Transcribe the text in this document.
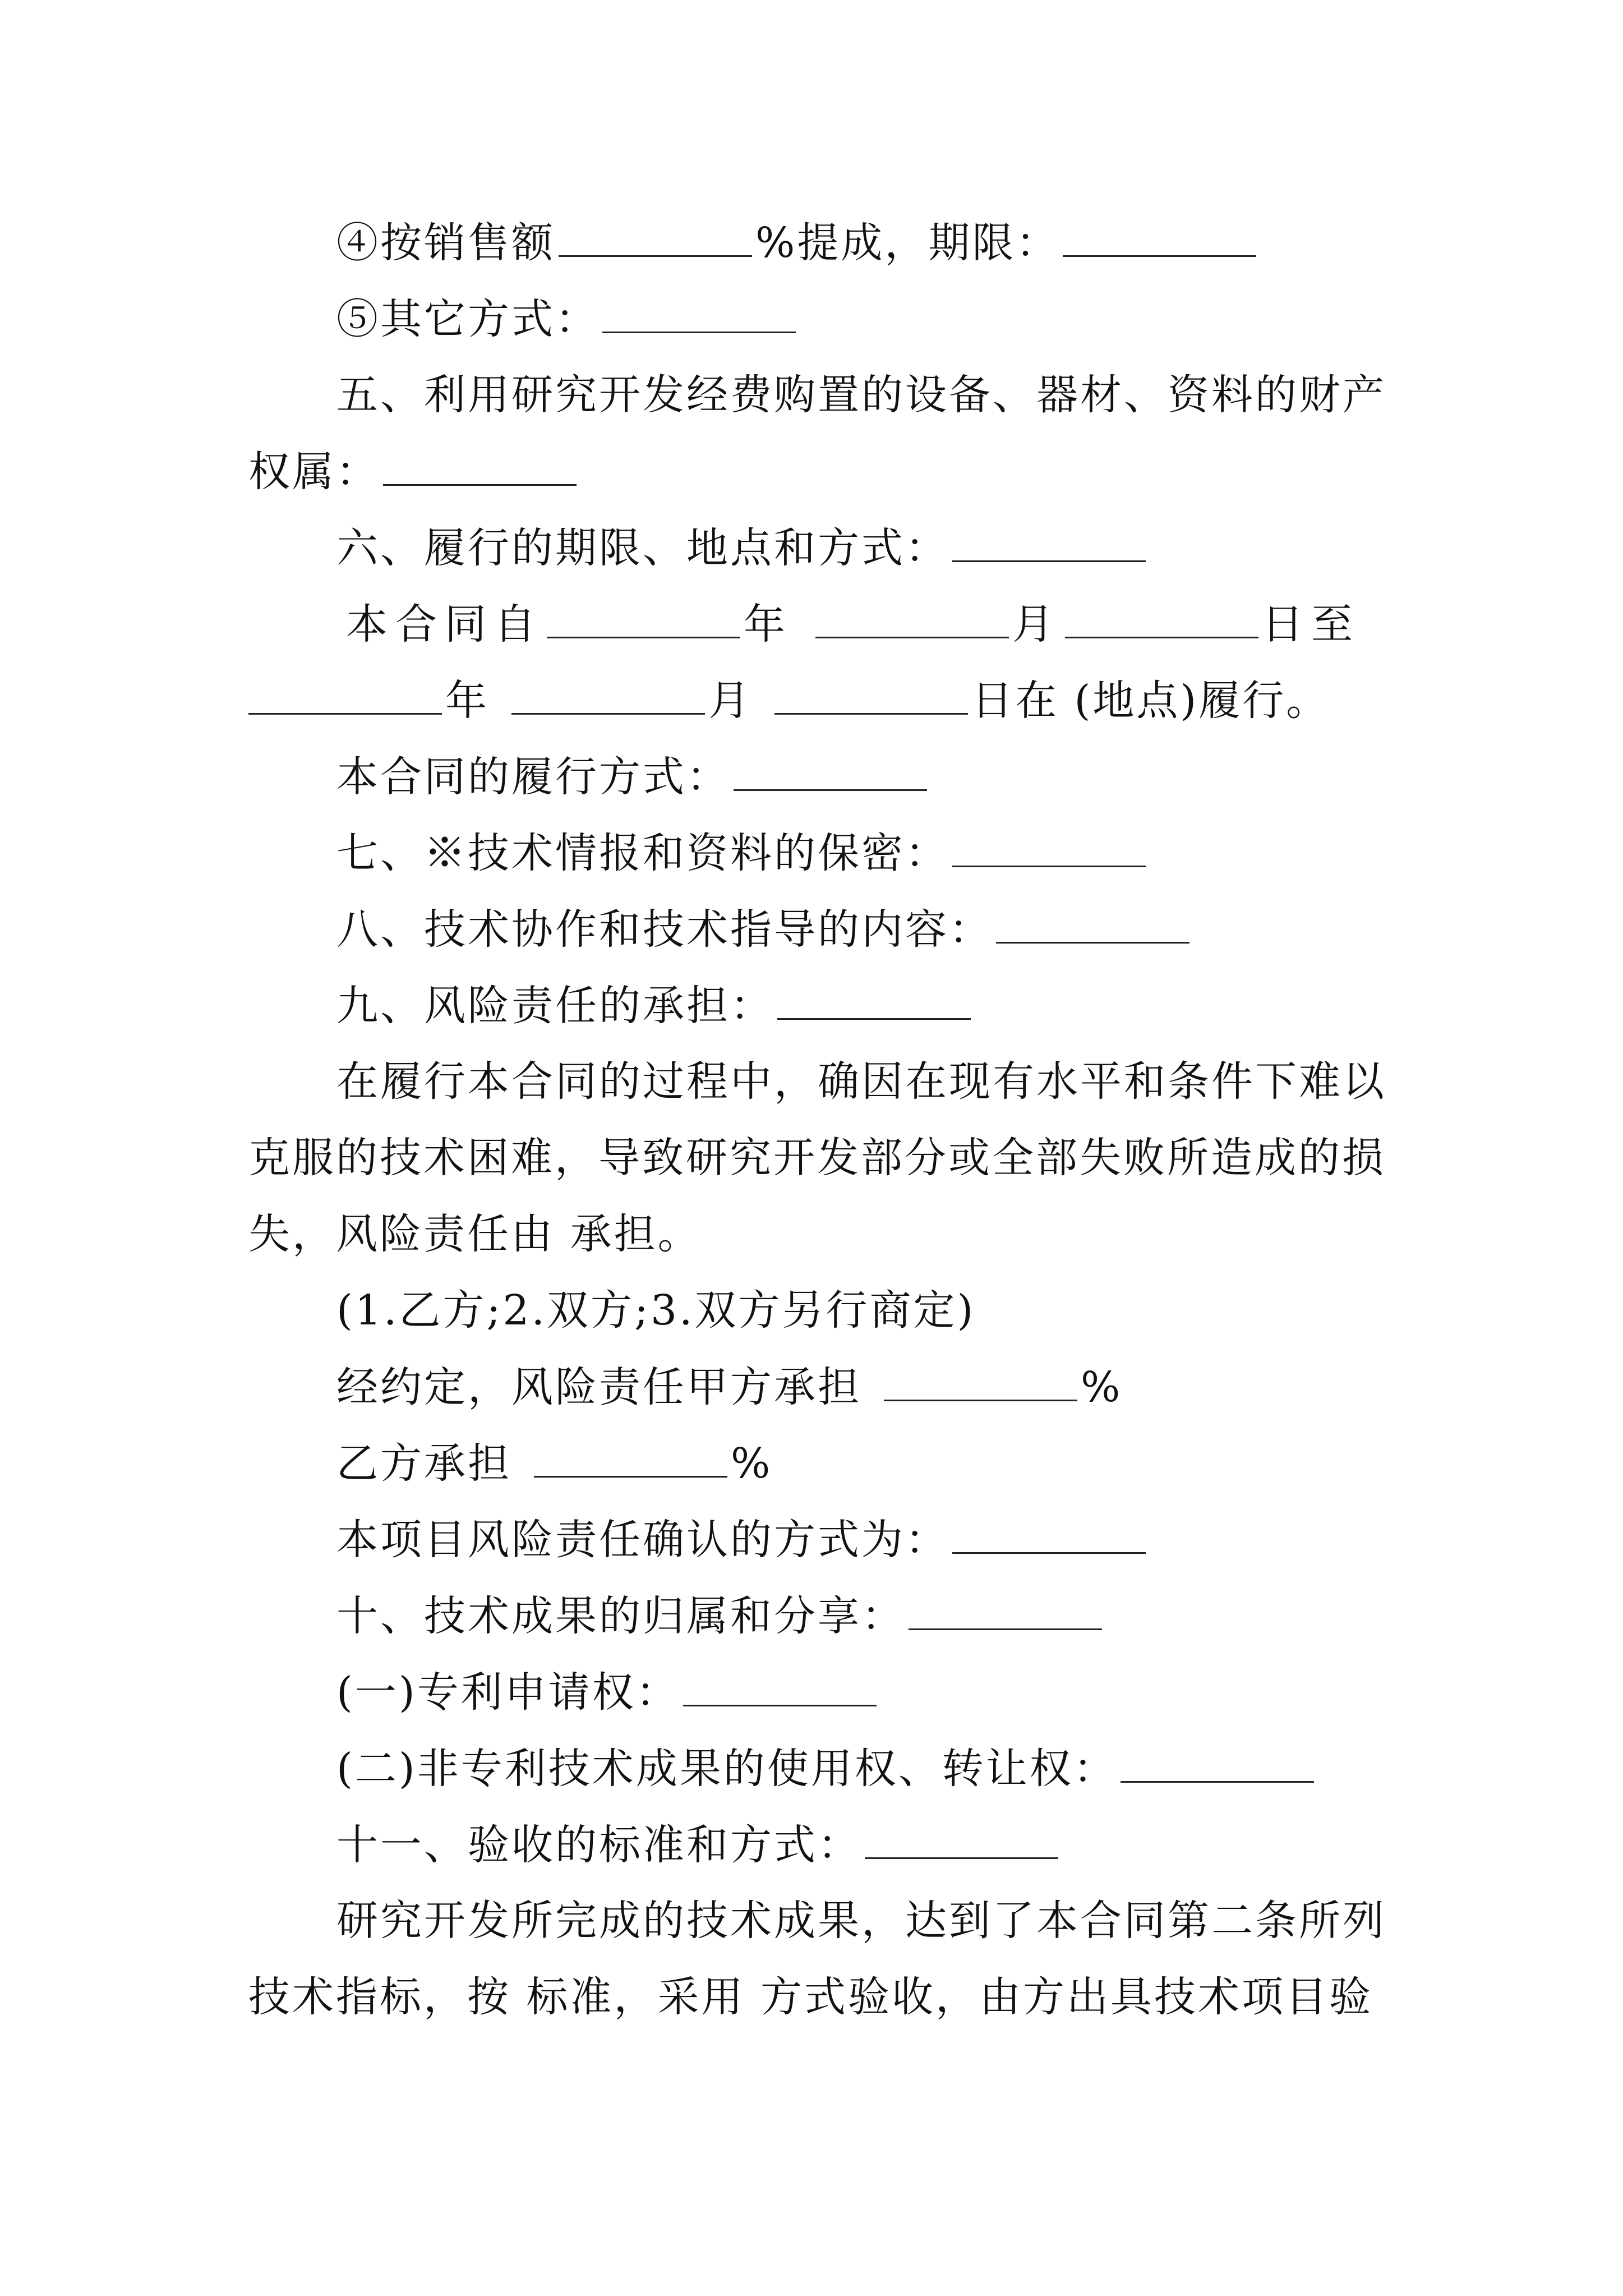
④按销售额	%提成，期限：
⑤其它方式：
五、利用研究开发经费购置的设备、器材、资料的财产
权属：
六、履行的期限、地点和方式：
本合同自	年	月	日至
年	月	日在 (地点)履行。
本合同的履行方式：
七、※技术情报和资料的保密：
八、技术协作和技术指导的内容：
九、风险责任的承担：
在履行本合同的过程中，确因在现有水平和条件下难以
克服的技术困难，导致研究开发部分或全部失败所造成的损
失，风险责任由 承担。
(1.乙方;2.双方;3.双方另行商定)
经约定，风险责任甲方承担	%
乙方承担	%
本项目风险责任确认的方式为：
十、技术成果的归属和分享：
(一)专利申请权：
(二)非专利技术成果的使用权、转让权：
十一、验收的标准和方式：
研究开发所完成的技术成果，达到了本合同第二条所列
技术指标，按 标准，采用 方式验收，由方出具技术项目验
